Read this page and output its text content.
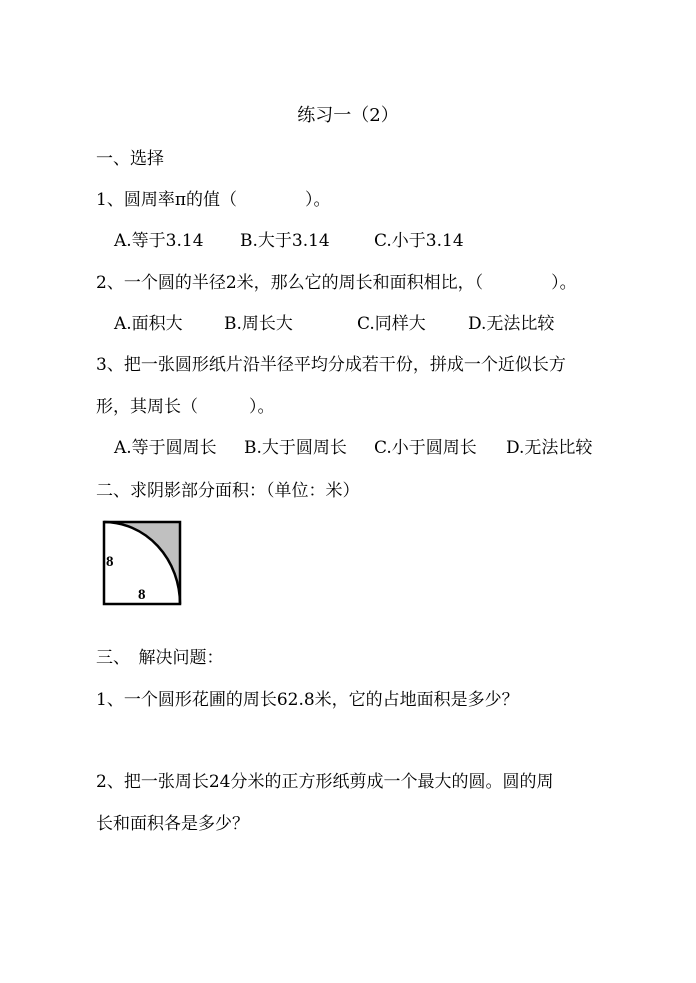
练习一（2）
一、选择
1、圆周率π的值（　　　　）。
A.等于3.14 B.大于3.14	C.小于3.14
2、一个圆的半径2米，那么它的周长和面积相比，（　　　　）。
A.面积大 B.周长大	C.同样大 D.无法比较
3、把一张圆形纸片沿半径平均分成若干份，拼成一个近似长方
形，其周长（　　　）。
A.等于圆周长 B.大于圆周长 C.小于圆周长 D.无法比较
二、求阴影部分面积：（单位：米）
8
8
三、　解决问题：
1、一个圆形花圃的周长62.8米，它的占地面积是多少？
2、把一张周长24分米的正方形纸剪成一个最大的圆。圆的周
长和面积各是多少？
